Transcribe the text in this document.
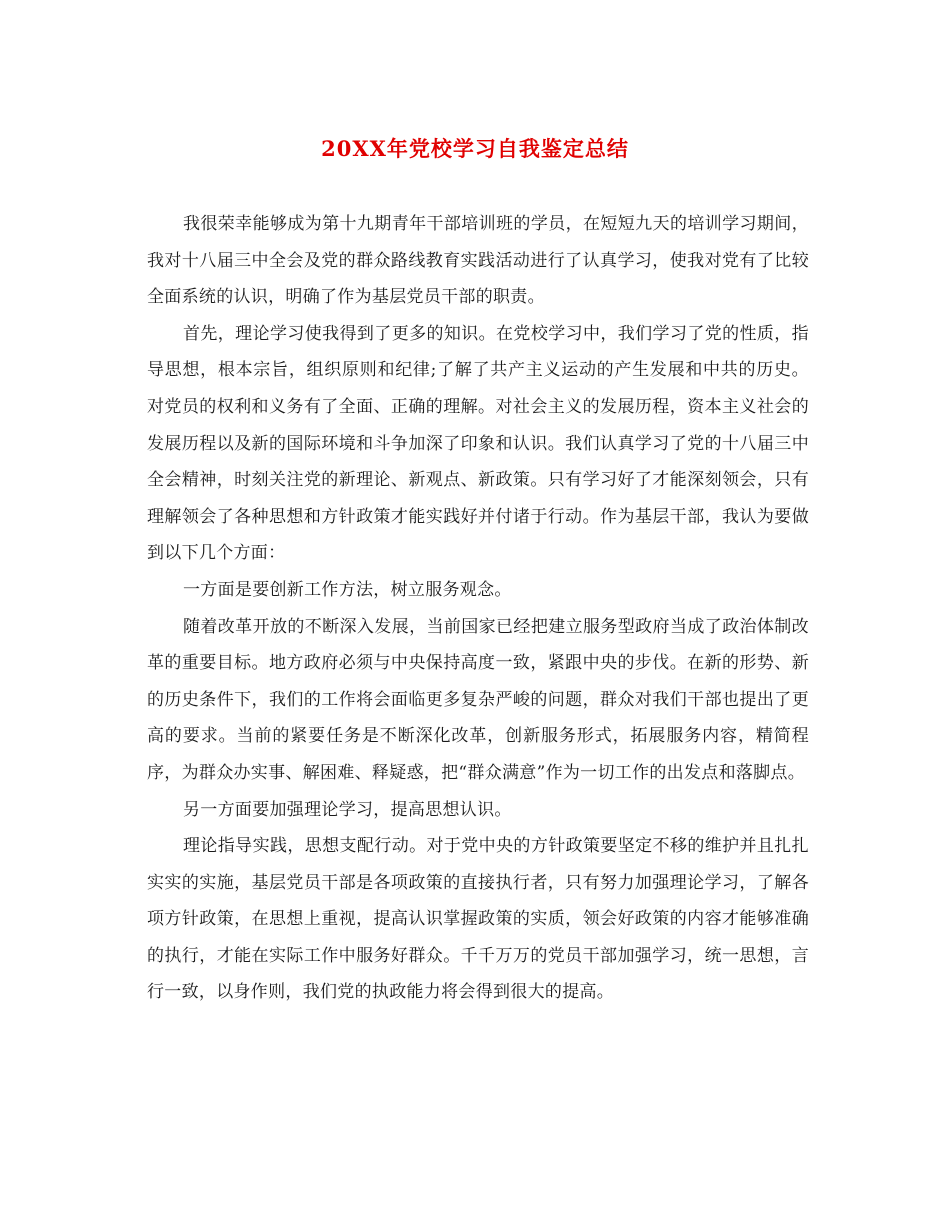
20XX年党校学习自我鉴定总结

我很荣幸能够成为第十九期青年干部培训班的学员，在短短九天的培训学习期间，我对十八届三中全会及党的群众路线教育实践活动进行了认真学习，使我对党有了比较全面系统的认识，明确了作为基层党员干部的职责。

首先，理论学习使我得到了更多的知识。在党校学习中，我们学习了党的性质，指导思想，根本宗旨，组织原则和纪律;了解了共产主义运动的产生发展和中共的历史。对党员的权利和义务有了全面、正确的理解。对社会主义的发展历程，资本主义社会的发展历程以及新的国际环境和斗争加深了印象和认识。我们认真学习了党的十八届三中全会精神，时刻关注党的新理论、新观点、新政策。只有学习好了才能深刻领会，只有理解领会了各种思想和方针政策才能实践好并付诸于行动。作为基层干部，我认为要做到以下几个方面：

一方面是要创新工作方法，树立服务观念。

随着改革开放的不断深入发展，当前国家已经把建立服务型政府当成了政治体制改革的重要目标。地方政府必须与中央保持高度一致，紧跟中央的步伐。在新的形势、新的历史条件下，我们的工作将会面临更多复杂严峻的问题，群众对我们干部也提出了更高的要求。当前的紧要任务是不断深化改革，创新服务形式，拓展服务内容，精简程序，为群众办实事、解困难、释疑惑，把“群众满意”作为一切工作的出发点和落脚点。

另一方面要加强理论学习，提高思想认识。

理论指导实践，思想支配行动。对于党中央的方针政策要坚定不移的维护并且扎扎实实的实施，基层党员干部是各项政策的直接执行者，只有努力加强理论学习，了解各项方针政策，在思想上重视，提高认识掌握政策的实质，领会好政策的内容才能够准确的执行，才能在实际工作中服务好群众。千千万万的党员干部加强学习，统一思想，言行一致，以身作则，我们党的执政能力将会得到很大的提高。
